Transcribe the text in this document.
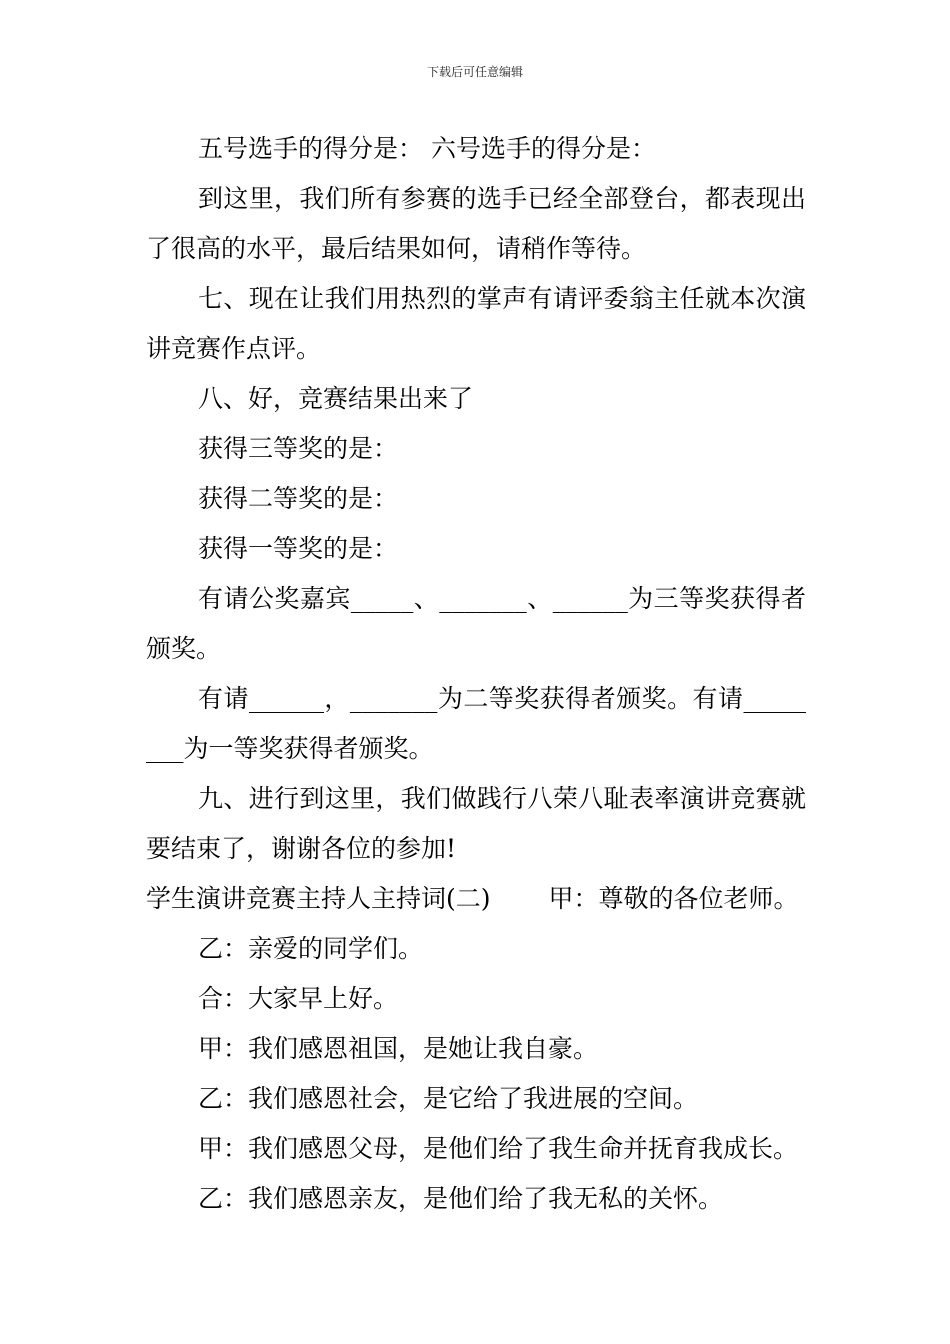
下载后可任意编辑

五号选手的得分是： 六号选手的得分是：

到这里，我们所有参赛的选手已经全部登台，都表现出了很高的水平，最后结果如何，请稍作等待。

七、现在让我们用热烈的掌声有请评委翁主任就本次演讲竞赛作点评。

八、好，竞赛结果出来了

获得三等奖的是：

获得二等奖的是：

获得一等奖的是：

有请公奖嘉宾_____、_______、______为三等奖获得者颁奖。

有请______，_______为二等奖获得者颁奖。有请________为一等奖获得者颁奖。

九、进行到这里，我们做践行八荣八耻表率演讲竞赛就要结束了，谢谢各位的参加!

学生演讲竞赛主持人主持词(二)　　 甲：尊敬的各位老师。

乙：亲爱的同学们。

合：大家早上好。

甲：我们感恩祖国，是她让我自豪。

乙：我们感恩社会，是它给了我进展的空间。

甲：我们感恩父母，是他们给了我生命并抚育我成长。

乙：我们感恩亲友，是他们给了我无私的关怀。
